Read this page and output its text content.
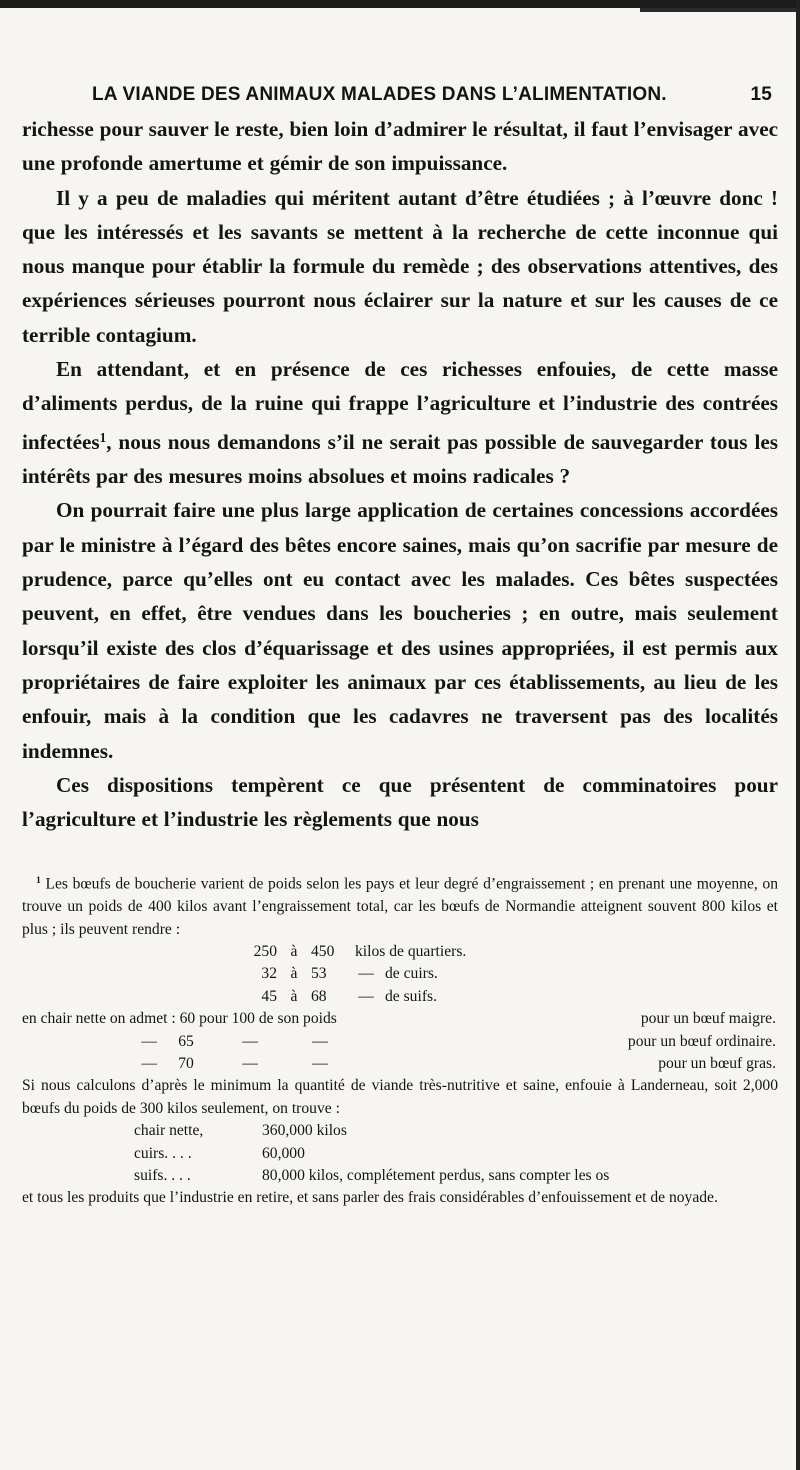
LA VIANDE DES ANIMAUX MALADES DANS L’ALIMENTATION.	15

richesse pour sauver le reste, bien loin d’admirer le résultat, il faut l’envisager avec une profonde amertume et gémir de son impuissance.

Il y a peu de maladies qui méritent autant d’être étudiées ; à l’œuvre donc ! que les intéressés et les savants se mettent à la recherche de cette inconnue qui nous manque pour établir la formule du remède ; des observations attentives, des expériences sérieuses pourront nous éclairer sur la nature et sur les causes de ce terrible contagium.

En attendant, et en présence de ces richesses enfouies, de cette masse d’aliments perdus, de la ruine qui frappe l’agriculture et l’industrie des contrées infectées$^1$, nous nous demandons s’il ne serait pas possible de sauvegarder tous les intérêts par des mesures moins absolues et moins radicales ?

On pourrait faire une plus large application de certaines concessions accordées par le ministre à l’égard des bêtes encore saines, mais qu’on sacrifie par mesure de prudence, parce qu’elles ont eu contact avec les malades. Ces bêtes suspectées peuvent, en effet, être vendues dans les boucheries ; en outre, mais seulement lorsqu’il existe des clos d’équarissage et des usines appropriées, il est permis aux propriétaires de faire exploiter les animaux par ces établissements, au lieu de les enfouir, mais à la condition que les cadavres ne traversent pas des localités indemnes.

Ces dispositions tempèrent ce que présentent de comminatoires pour l’agriculture et l’industrie les règlements que nous

$^1$ Les bœufs de boucherie varient de poids selon les pays et leur degré d’engraissement ; en prenant une moyenne, on trouve un poids de 400 kilos avant l’engraissement total, car les bœufs de Normandie atteignent souvent 800 kilos et plus ; ils peuvent rendre :

250 à 450	kilos de quartiers.
32 à 53	— de cuirs.
45 à 68	— de suifs.
en chair nette on admet : 60 pour 100 de son poids	pour un bœuf maigre.
—	65	—	—	pour un bœuf ordinaire.
—	70	—	—	pour un bœuf gras.

Si nous calculons d’après le minimum la quantité de viande très-nutritive et saine, enfouie à Landerneau, soit 2,000 bœufs du poids de 300 kilos seulement, on trouve :

chair nette,	360,000 kilos
cuirs. . . .	60,000
suifs. . . .	80,000 kilos, complétement perdus, sans compter les os

et tous les produits que l’industrie en retire, et sans parler des frais considérables d’enfouissement et de noyade.
